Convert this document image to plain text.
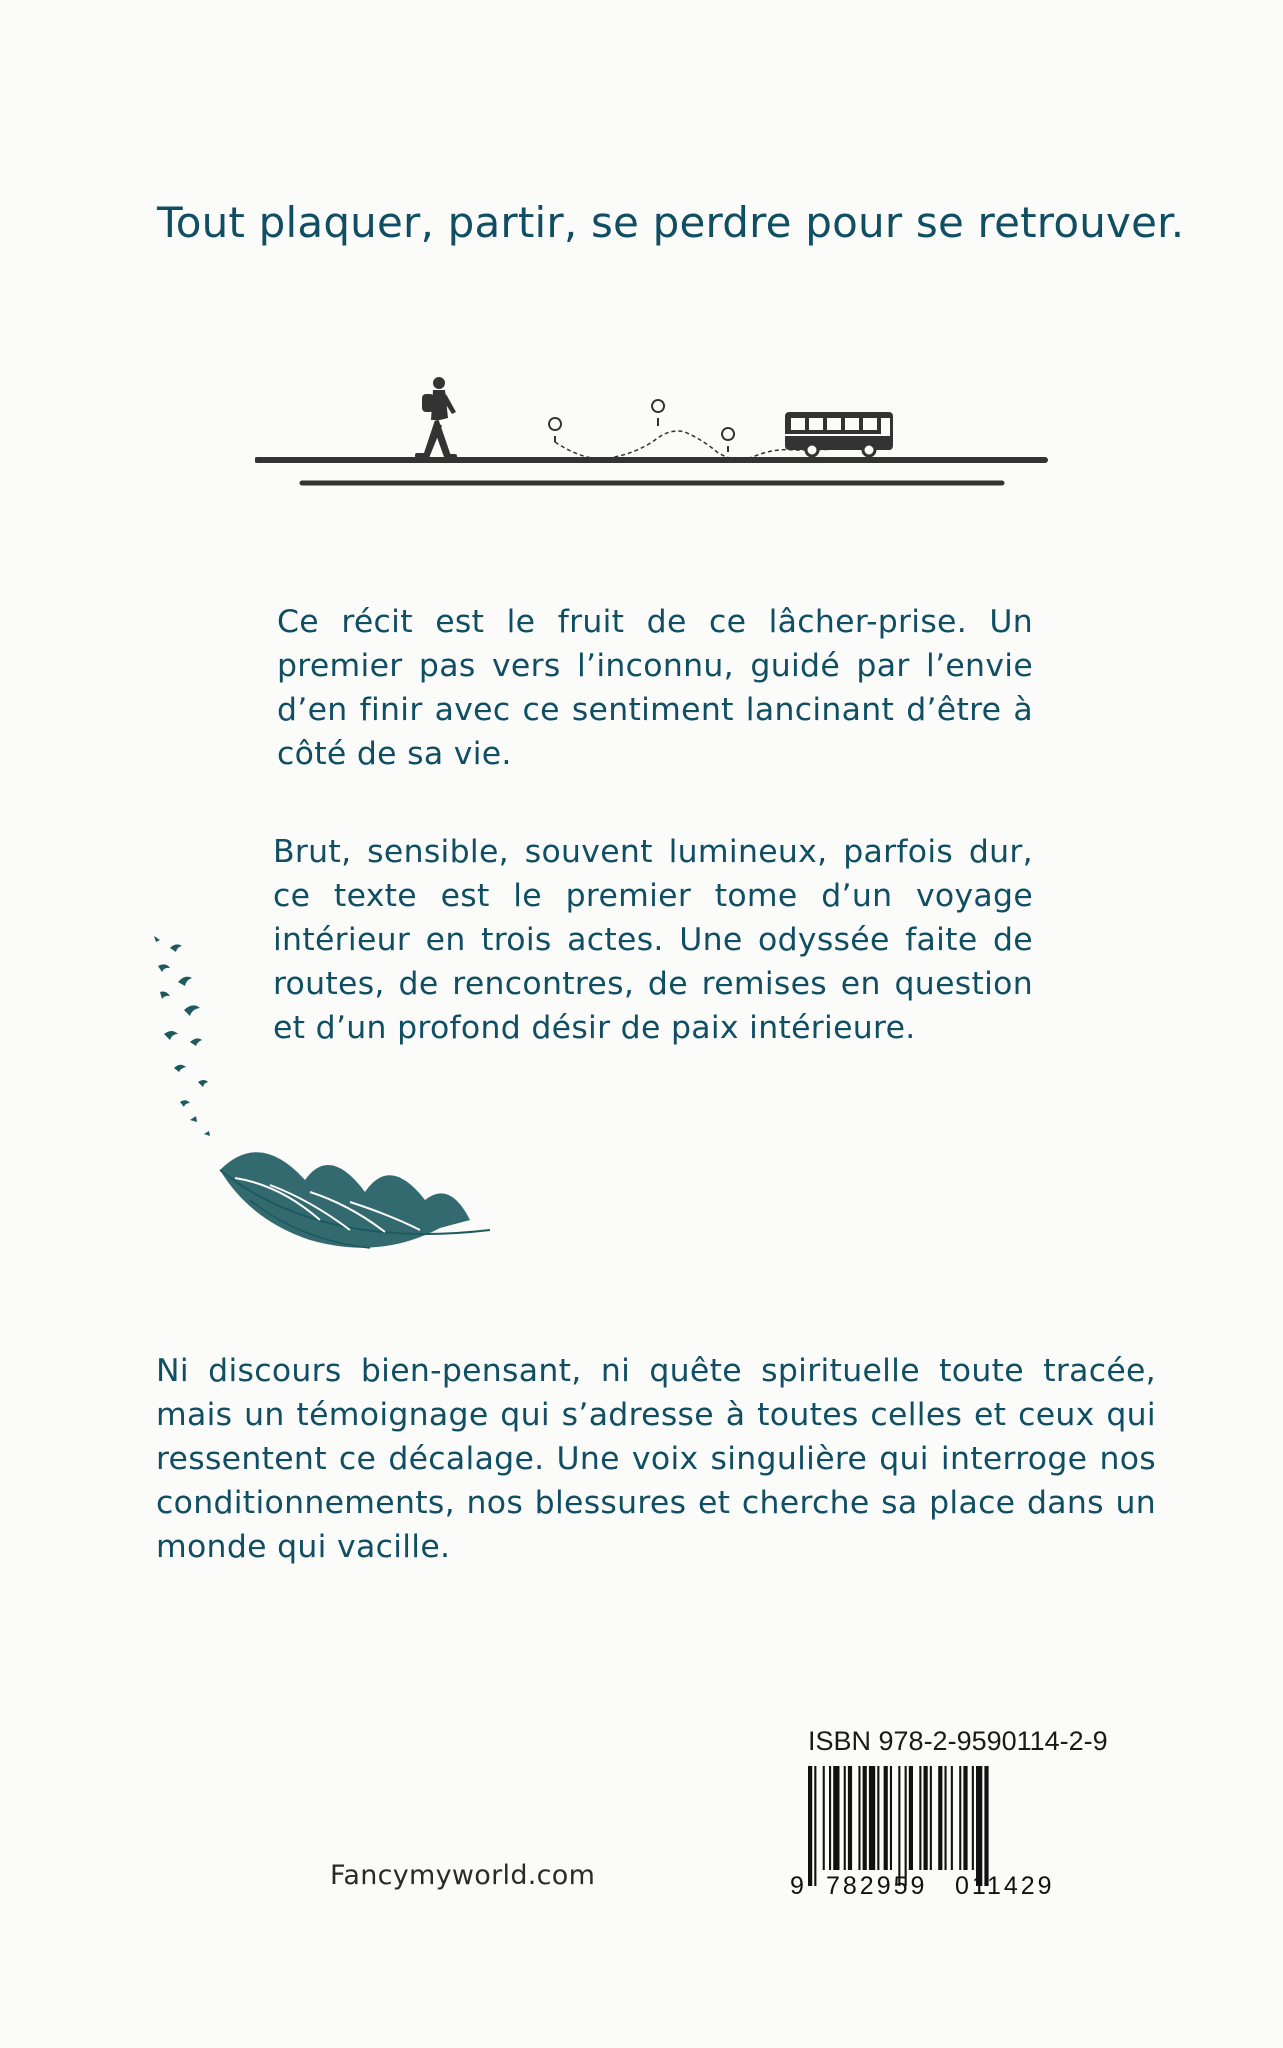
Tout plaquer, partir, se perdre pour se retrouver.

Ce récit est le fruit de ce lâcher-prise. Un premier pas vers l’inconnu, guidé par l’envie d’en finir avec ce sentiment lancinant d’être à côté de sa vie.

Brut, sensible, souvent lumineux, parfois dur, ce texte est le premier tome d’un voyage intérieur en trois actes. Une odyssée faite de routes, de rencontres, de remises en question et d’un profond désir de paix intérieure.

Ni discours bien-pensant, ni quête spirituelle toute tracée, mais un témoignage qui s’adresse à toutes celles et ceux qui ressentent ce décalage. Une voix singulière qui interroge nos conditionnements, nos blessures et cherche sa place dans un monde qui vacille.

Fancymyworld.com
ISBN 978-2-9590114-2-9
9 782959 011429
